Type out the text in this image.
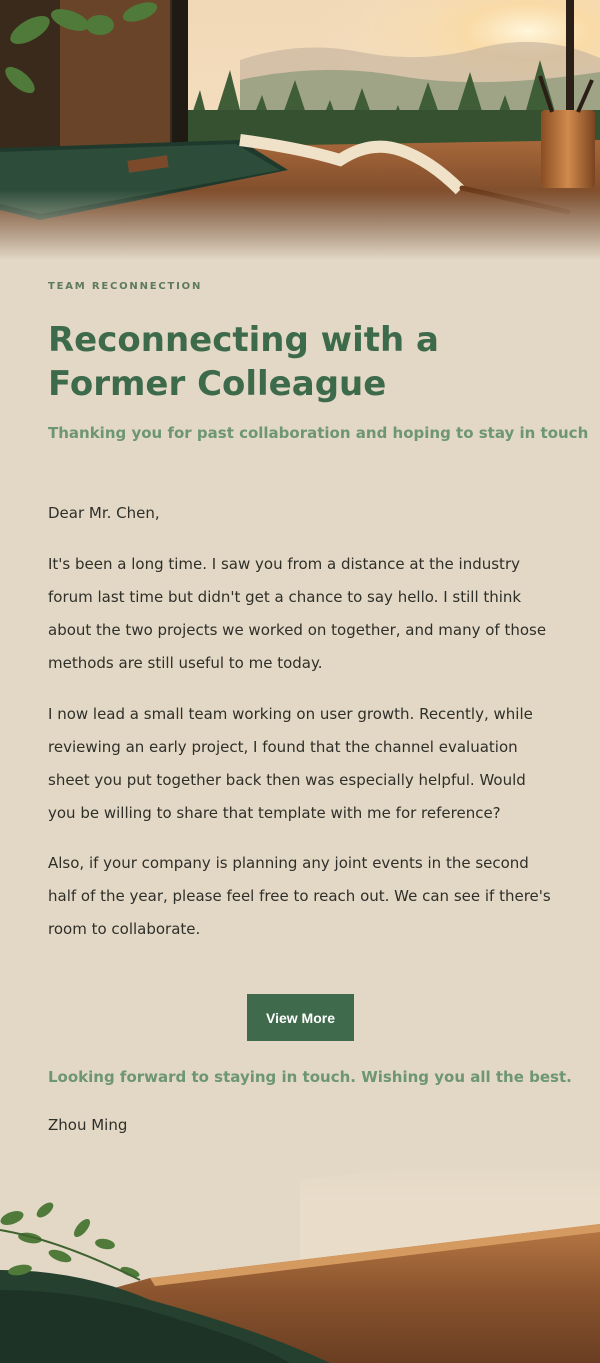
TEAM RECONNECTION
Reconnecting with a Former Colleague
Thanking you for past collaboration and hoping to stay in touch
Dear Mr. Chen,

It's been a long time. I saw you from a distance at the industry forum last time but didn't get a chance to say hello. I still think about the two projects we worked on together, and many of those methods are still useful to me today.

I now lead a small team working on user growth. Recently, while reviewing an early project, I found that the channel evaluation sheet you put together back then was especially helpful. Would you be willing to share that template with me for reference?

Also, if your company is planning any joint events in the second half of the year, please feel free to reach out. We can see if there's room to collaborate.

View More
Looking forward to staying in touch. Wishing you all the best.
Zhou Ming
